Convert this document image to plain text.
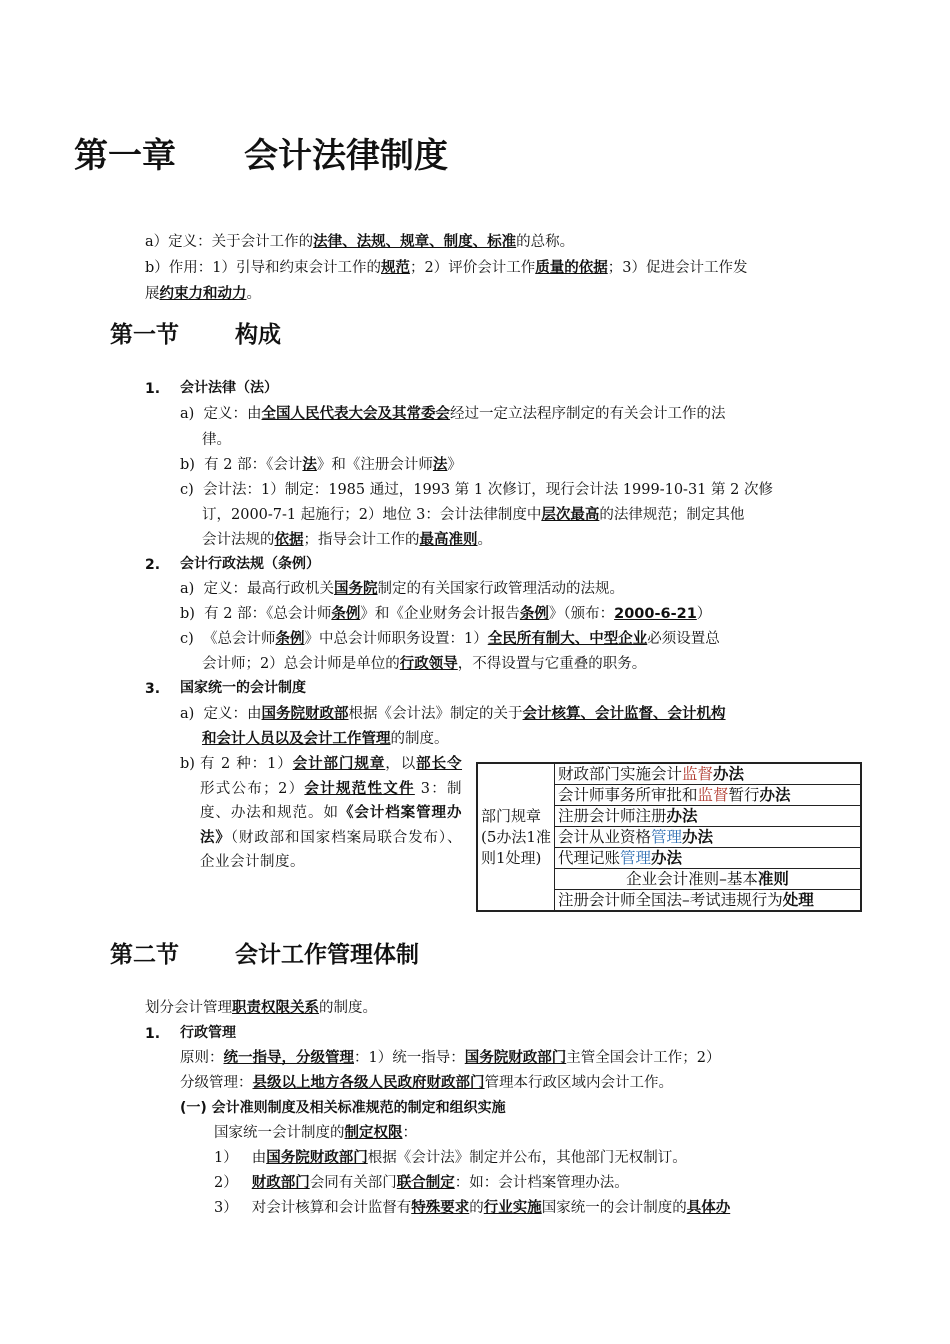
第一章 会计法律制度
a）定义：关于会计工作的法律、法规、规章、制度、标准的总称。
b）作用：1）引导和约束会计工作的规范；2）评价会计工作质量的依据；3）促进会计工作发
展约束力和动力。
第一节 构成
1. 会计法律（法）
a) 定义：由全国人民代表大会及其常委会经过一定立法程序制定的有关会计工作的法
律。
b) 有 2 部：《会计法》和《注册会计师法》
c) 会计法：1）制定：1985 通过，1993 第 1 次修订，现行会计法 1999-10-31 第 2 次修
订，2000-7-1 起施行；2）地位 3：会计法律制度中层次最高的法律规范；制定其他
会计法规的依据；指导会计工作的最高准则。
2. 会计行政法规（条例）
a) 定义：最高行政机关国务院制定的有关国家行政管理活动的法规。
b) 有 2 部：《总会计师条例》和《企业财务会计报告条例》（颁布：2000-6-21）
c) 《总会计师条例》中总会计师职务设置：1）全民所有制大、中型企业必须设置总
会计师；2）总会计师是单位的行政领导，不得设置与它重叠的职务。
3. 国家统一的会计制度
a) 定义：由国务院财政部根据《会计法》制定的关于会计核算、会计监督、会计机构
和会计人员以及会计工作管理的制度。
b) 有 2 种：1）会计部门规章，以部长令形式公布；2）会计规范性文件 3：制度、办法和规范。如《会计档案管理办法》（财政部和国家档案局联合发布）、企业会计制度。
部门规章(5办法1准则1处理)	财政部门实施会计监督办法
会计师事务所审批和监督暂行办法
注册会计师注册办法
会计从业资格管理办法
代理记账管理办法
企业会计准则–基本准则
注册会计师全国法–考试违规行为处理
第二节 会计工作管理体制
划分会计管理职责权限关系的制度。
1. 行政管理
原则：统一指导，分级管理：1）统一指导：国务院财政部门主管全国会计工作；2）
分级管理：县级以上地方各级人民政府财政部门管理本行政区域内会计工作。
(一) 会计准则制度及相关标准规范的制定和组织实施
国家统一会计制度的制定权限：
1） 由国务院财政部门根据《会计法》制定并公布，其他部门无权制订。
2） 财政部门会同有关部门联合制定：如：会计档案管理办法。
3） 对会计核算和会计监督有特殊要求的行业实施国家统一的会计制度的具体办
